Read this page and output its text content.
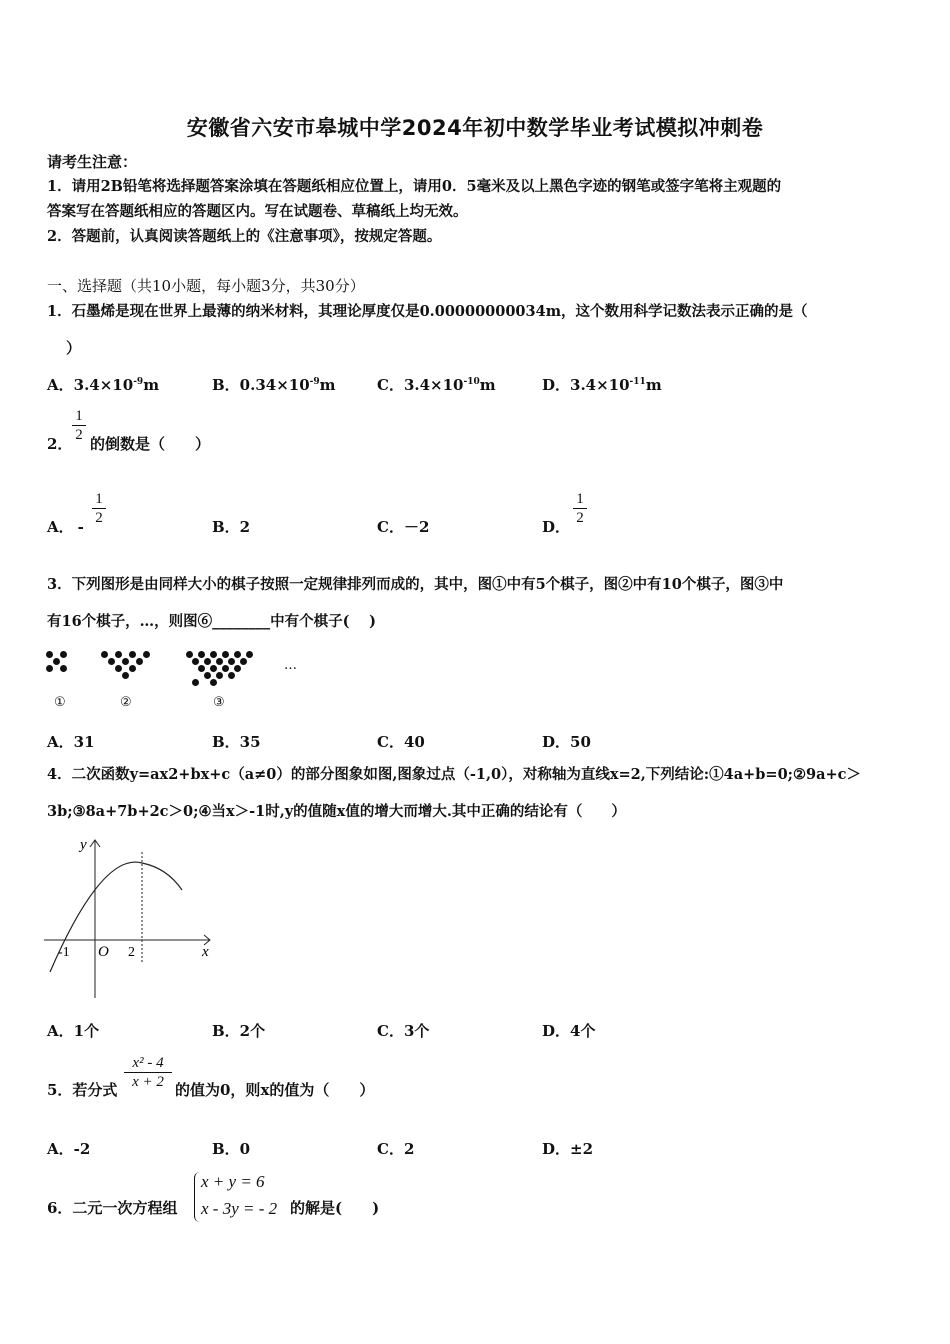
安徽省六安市皋城中学2024年初中数学毕业考试模拟冲刺卷
请考生注意：
1．请用2B铅笔将选择题答案涂填在答题纸相应位置上，请用0．5毫米及以上黑色字迹的钢笔或签字笔将主观题的
答案写在答题纸相应的答题区内。写在试题卷、草稿纸上均无效。
2．答题前，认真阅读答题纸上的《注意事项》，按规定答题。
一、选择题（共10小题，每小题3分，共30分）
1．石墨烯是现在世界上最薄的纳米材料，其理论厚度仅是0.00000000034m，这个数用科学记数法表示正确的是（
）
A．$3.4\times 10^{-9}m$	B．$0.34\times 10^{-9}m$	C．$3.4\times 10^{-10}m$	D．$3.4\times 10^{-11}m$
2．
1
2 的倒数是（　　）
A． -
1
2	B．2	C．－2	D．
1
2
3．下列图形是由同样大小的棋子按照一定规律排列而成的，其中，图①中有5个棋子，图②中有10个棋子，图③中
有16个棋子，…，则图⑥________中有个棋子(　 )
…
①	②	③
A．31	B．35	C．40	D．50
4．二次函数y=ax2+bx+c（a≠0）的部分图象如图,图象过点（-1,0），对称轴为直线x=2,下列结论:①4a+b=0;②9a+c＞
3b;③8a+7b+2c＞0;④当x＞-1时,y的值随x值的增大而增大.其中正确的结论有（　　）
y
x
-1 O 2
A．1个	B．2个	C．3个	D．4个
5．若分式
x² - 4
x + 2 的值为0，则x的值为（　　）
A．-2	B．0	C．2	D．±2
6．二元一次方程组
x + y = 6
x - 3y = - 2 的解是(　　)
